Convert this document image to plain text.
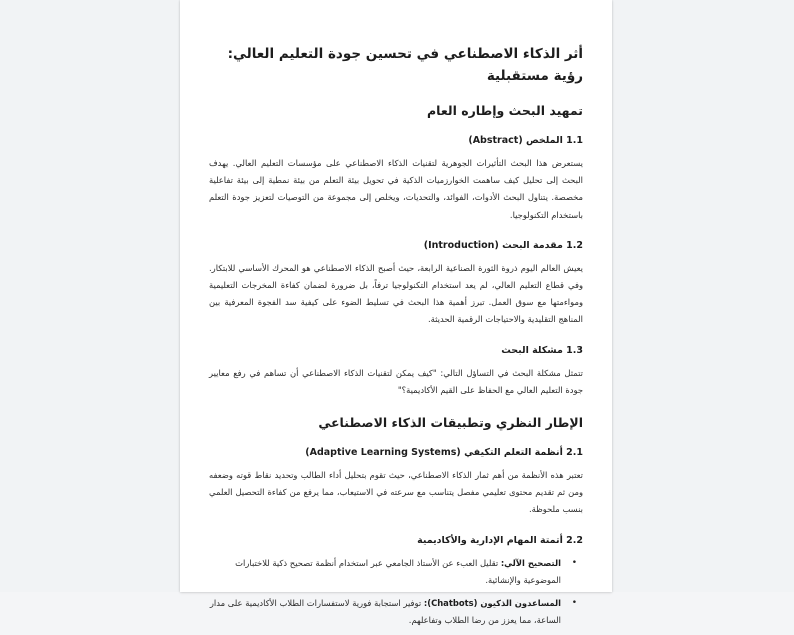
أثر الذكاء الاصطناعي في تحسين جودة التعليم العالي: رؤية مستقبلية
تمهيد البحث وإطاره العام
1.1 الملخص (Abstract)
يستعرض هذا البحث التأثيرات الجوهرية لتقنيات الذكاء الاصطناعي على مؤسسات التعليم العالي. يهدف البحث إلى تحليل كيف ساهمت الخوارزميات الذكية في تحويل بيئة التعلم من بيئة نمطية إلى بيئة تفاعلية مخصصة. يتناول البحث الأدوات، الفوائد، والتحديات، ويخلص إلى مجموعة من التوصيات لتعزيز جودة التعلم باستخدام التكنولوجيا.
1.2 مقدمة البحث (Introduction)
يعيش العالم اليوم ذروة الثورة الصناعية الرابعة، حيث أصبح الذكاء الاصطناعي هو المحرك الأساسي للابتكار. وفي قطاع التعليم العالي، لم يعد استخدام التكنولوجيا ترفاً، بل ضرورة لضمان كفاءة المخرجات التعليمية ومواءمتها مع سوق العمل. تبرز أهمية هذا البحث في تسليط الضوء على كيفية سد الفجوة المعرفية بين المناهج التقليدية والاحتياجات الرقمية الحديثة.
1.3 مشكلة البحث
تتمثل مشكلة البحث في التساؤل التالي: "كيف يمكن لتقنيات الذكاء الاصطناعي أن تساهم في رفع معايير جودة التعليم العالي مع الحفاظ على القيم الأكاديمية؟"
الإطار النظري وتطبيقات الذكاء الاصطناعي
2.1 أنظمة التعلم التكيفي (Adaptive Learning Systems)
تعتبر هذه الأنظمة من أهم ثمار الذكاء الاصطناعي، حيث تقوم بتحليل أداء الطالب وتحديد نقاط قوته وضعفه ومن ثم تقديم محتوى تعليمي مفصل يتناسب مع سرعته في الاستيعاب، مما يرفع من كفاءة التحصيل العلمي بنسب ملحوظة.
2.2 أتمتة المهام الإدارية والأكاديمية
•
التصحيح الآلي: تقليل العبء عن الأستاذ الجامعي عبر استخدام أنظمة تصحيح ذكية للاختبارات الموضوعية والإنشائية.
•
المساعدون الذكيون (Chatbots): توفير استجابة فورية لاستفسارات الطلاب الأكاديمية على مدار الساعة، مما يعزز من رضا الطلاب وتفاعلهم.
